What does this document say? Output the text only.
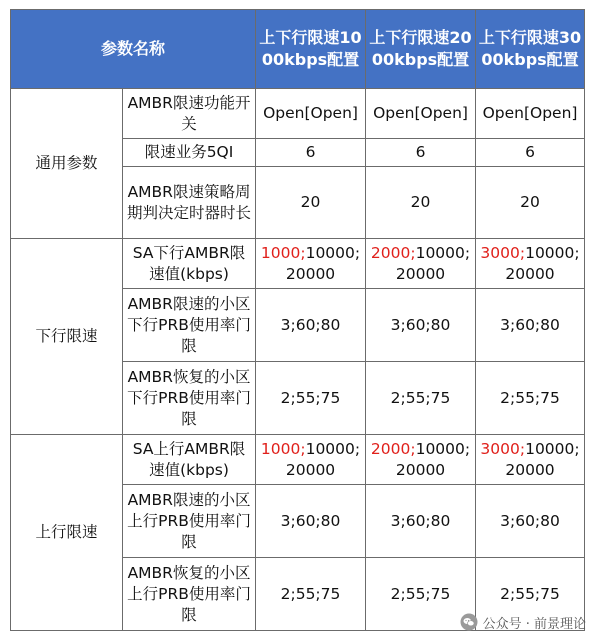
参数名称		上下行限速1000kbps配置	上下行限速2000kbps配置	上下行限速3000kbps配置
通用参数	AMBR限速功能开关	Open[Open]	Open[Open]	Open[Open]
	限速业务5QI	6	6	6
	AMBR限速策略周期判决定时器时长	20	20	20
下行限速	SA下行AMBR限速值(kbps)	1000;10000;20000	2000;10000;20000	3000;10000;20000
	AMBR限速的小区下行PRB使用率门限	3;60;80	3;60;80	3;60;80
	AMBR恢复的小区下行PRB使用率门限	2;55;75	2;55;75	2;55;75
上行限速	SA上行AMBR限速值(kbps)	1000;10000;20000	2000;10000;20000	3000;10000;20000
	AMBR限速的小区上行PRB使用率门限	3;60;80	3;60;80	3;60;80
	AMBR恢复的小区上行PRB使用率门限	2;55;75	2;55;75	2;55;75
公众号 · 前景理论
